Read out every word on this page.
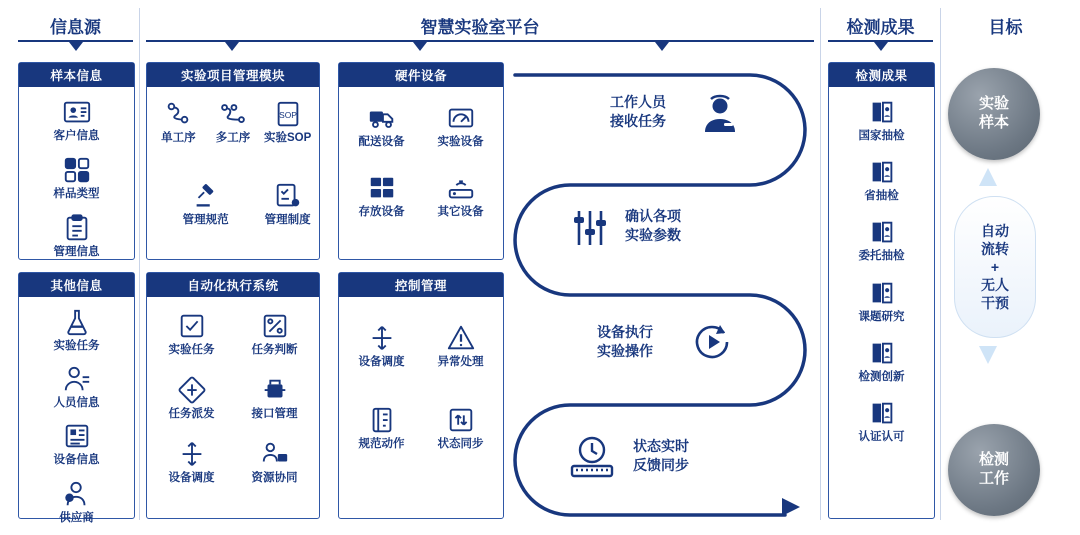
信息源	智慧实验室平台	检测成果	目标
样本信息
客户信息
样品类型
管理信息
其他信息
实验任务
人员信息
设备信息
供应商
实验项目管理模块
单工序 多工序
SOP
实验SOP
管理规范	管理制度
自动化执行系统
实验任务	任务判断
任务派发	接口管理
设备调度	资源协同
硬件设备
配送设备	实验设备
存放设备	其它设备
控制管理
设备调度	异常处理
规范动作	状态同步
检测成果
国家抽检
省抽检
委托抽检
课题研究
检测创新
认证认可
工作人员
接收任务
确认各项
实验参数
设备执行
实验操作
状态实时
反馈同步
实验
样本
自动
流转
+
无人
干预
检测
工作
